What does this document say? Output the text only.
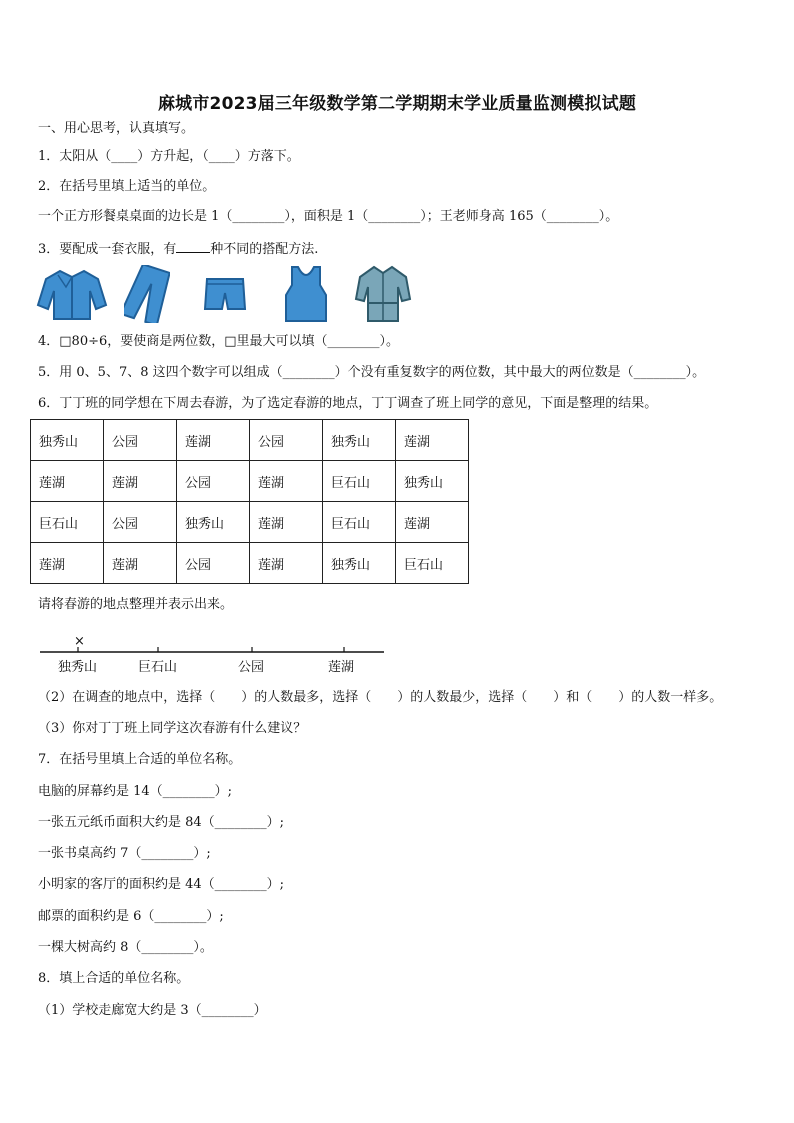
麻城市2023届三年级数学第二学期期末学业质量监测模拟试题
一、用心思考，认真填写。
1．太阳从（____）方升起，（____）方落下。
2．在括号里填上适当的单位。
一个正方形餐桌桌面的边长是 1（________），面积是 1（________）；王老师身高 165（________）。
3．要配成一套衣服，有	种不同的搭配方法.
4．□80÷6，要使商是两位数，□里最大可以填（________）。
5．用 0、5、7、8 这四个数字可以组成（________）个没有重复数字的两位数，其中最大的两位数是（________）。
6．丁丁班的同学想在下周去春游，为了选定春游的地点，丁丁调查了班上同学的意见，下面是整理的结果。
独秀山	公园	莲湖	公园	独秀山	莲湖
莲湖	莲湖	公园	莲湖	巨石山	独秀山
巨石山	公园	独秀山	莲湖	巨石山	莲湖
莲湖	莲湖	公园	莲湖	独秀山	巨石山
请将春游的地点整理并表示出来。
×
独秀山	巨石山	公园	莲湖
（2）在调查的地点中，选择（　　）的人数最多，选择（　　）的人数最少，选择（　　）和（　　）的人数一样多。
（3）你对丁丁班上同学这次春游有什么建议？
7．在括号里填上合适的单位名称。
电脑的屏幕约是 14（________）;
一张五元纸币面积大约是 84（________）;
一张书桌高约 7（________）;
小明家的客厅的面积约是 44（________）;
邮票的面积约是 6（________）;
一棵大树高约 8（________）。
8．填上合适的单位名称。
（1）学校走廊宽大约是 3（________）
